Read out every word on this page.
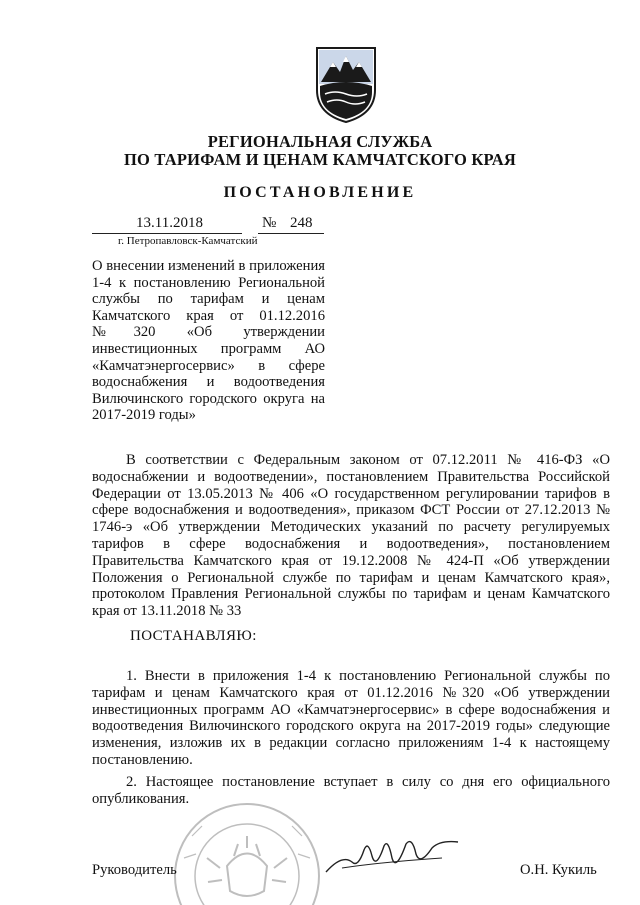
РЕГИОНАЛЬНАЯ СЛУЖБА
ПО ТАРИФАМ И ЦЕНАМ КАМЧАТСКОГО КРАЯ
ПОСТАНОВЛЕНИЕ
13.11.2018	№ 248
г. Петропавловск-Камчатский
О внесении изменений в приложения 1-4 к постановлению Региональной службы по тарифам и ценам Камчатского края от 01.12.2016 №320 «Об утверждении инвестиционных программ АО «Камчатэнергосервис» в сфере водоснабжения и водоотведения Вилючинского городского округа на 2017-2019 годы»
В соответствии с Федеральным законом от 07.12.2011 № 416-ФЗ «О водоснабжении и водоотведении», постановлением Правительства Российской Федерации от 13.05.2013 № 406 «О государственном регулировании тарифов в сфере водоснабжения и водоотведения», приказом ФСТ России от 27.12.2013 № 1746-э «Об утверждении Методических указаний по расчету регулируемых тарифов в сфере водоснабжения и водоотведения», постановлением Правительства Камчатского края от 19.12.2008 № 424-П «Об утверждении Положения о Региональной службе по тарифам и ценам Камчатского края», протоколом Правления Региональной службы по тарифам и ценам Камчатского края от 13.11.2018 № 33
ПОСТАНАВЛЯЮ:
1. Внести в приложения 1-4 к постановлению Региональной службы по тарифам и ценам Камчатского края от 01.12.2016 №320 «Об утверждении инвестиционных программ АО «Камчатэнергосервис» в сфере водоснабжения и водоотведения Вилючинского городского округа на 2017-2019 годы» следующие изменения, изложив их в редакции согласно приложениям 1-4 к настоящему постановлению.
2. Настоящее постановление вступает в силу со дня его официального опубликования.
Руководитель	О.Н. Кукиль
